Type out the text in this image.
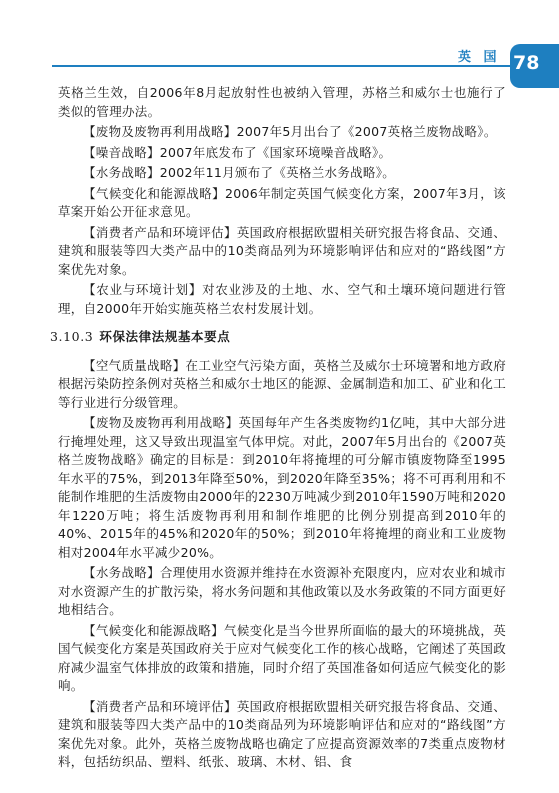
英 国 78

英格兰生效，自2006年8月起放射性也被纳入管理，苏格兰和威尔士也施行了类似的管理办法。

【废物及废物再利用战略】2007年5月出台了《2007英格兰废物战略》。

【噪音战略】2007年底发布了《国家环境噪音战略》。

【水务战略】2002年11月颁布了《英格兰水务战略》。

【气候变化和能源战略】2006年制定英国气候变化方案，2007年3月，该草案开始公开征求意见。

【消费者产品和环境评估】英国政府根据欧盟相关研究报告将食品、交通、建筑和服装等四大类产品中的10类商品列为环境影响评估和应对的“路线图”方案优先对象。

【农业与环境计划】对农业涉及的土地、水、空气和土壤环境问题进行管理，自2000年开始实施英格兰农村发展计划。

3.10.3 环保法律法规基本要点

【空气质量战略】在工业空气污染方面，英格兰及威尔士环境署和地方政府根据污染防控条例对英格兰和威尔士地区的能源、金属制造和加工、矿业和化工等行业进行分级管理。

【废物及废物再利用战略】英国每年产生各类废物约1亿吨，其中大部分进行掩埋处理，这又导致出现温室气体甲烷。对此，2007年5月出台的《2007英格兰废物战略》确定的目标是：到2010年将掩埋的可分解市镇废物降至1995年水平的75%，到2013年降至50%，到2020年降至35%；将不可再利用和不能制作堆肥的生活废物由2000年的2230万吨减少到2010年1590万吨和2020年1220万吨；将生活废物再利用和制作堆肥的比例分别提高到2010年的40%、2015年的45%和2020年的50%；到2010年将掩埋的商业和工业废物相对2004年水平减少20%。

【水务战略】合理使用水资源并维持在水资源补充限度内，应对农业和城市对水资源产生的扩散污染，将水务问题和其他政策以及水务政策的不同方面更好地相结合。

【气候变化和能源战略】气候变化是当今世界所面临的最大的环境挑战，英国气候变化方案是英国政府关于应对气候变化工作的核心战略，它阐述了英国政府减少温室气体排放的政策和措施，同时介绍了英国准备如何适应气候变化的影响。

【消费者产品和环境评估】英国政府根据欧盟相关研究报告将食品、交通、建筑和服装等四大类产品中的10类商品列为环境影响评估和应对的“路线图”方案优先对象。此外，英格兰废物战略也确定了应提高资源效率的7类重点废物材料，包括纺织品、塑料、纸张、玻璃、木材、铝、食
